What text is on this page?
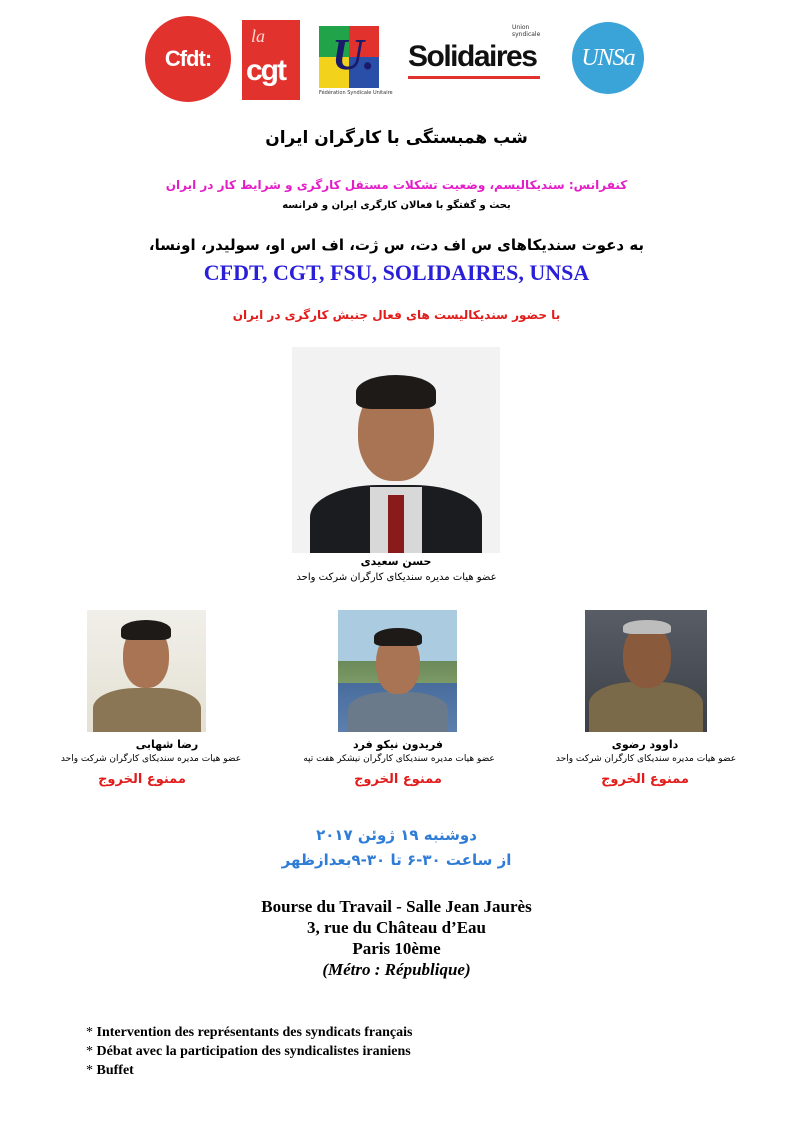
Cfdt:
la
cgt U.
Fédération Syndicale Unitaire
Solidaires
Union syndicale
UNSa
شب همبستگی با کارگران ایران
کنفرانس: سندیکالیسم، وضعیت تشکلات مستقل کارگری و شرایط کار در ایران
بحث و گفتگو با فعالان کارگری ایران و فرانسه
به دعوت سندیکاهای س اف دت، س ژت، اف اس او، سولیدر، اونسا،
CFDT, CGT, FSU, SOLIDAIRES, UNSA
با حضور سندیکالیست های فعال جنبش کارگری در ایران
حسن سعیدی
عضو هیات مدیره سندیکای کارگران شرکت واحد
رضا شهابی	فریدون نیکو فرد	داوود رضوی
عضو هیات مدیره سندیکای کارگران شرکت واحد	عضو هیات مدیره سندیکای کارگران نیشکر هفت تپه	عضو هیات مدیره سندیکای کارگران شرکت واحد
ممنوع الخروج	ممنوع الخروج	ممنوع الخروج
دوشنبه ۱۹ ژوئن ۲۰۱۷
از ساعت ۳۰-۶ تا ۳۰-۹بعدازظهر
Bourse du Travail - Salle Jean Jaurès
3, rue du Château d’Eau
Paris 10ème
(Métro : République)
* Intervention des représentants des syndicats français
* Débat avec la participation des syndicalistes iraniens
* Buffet
